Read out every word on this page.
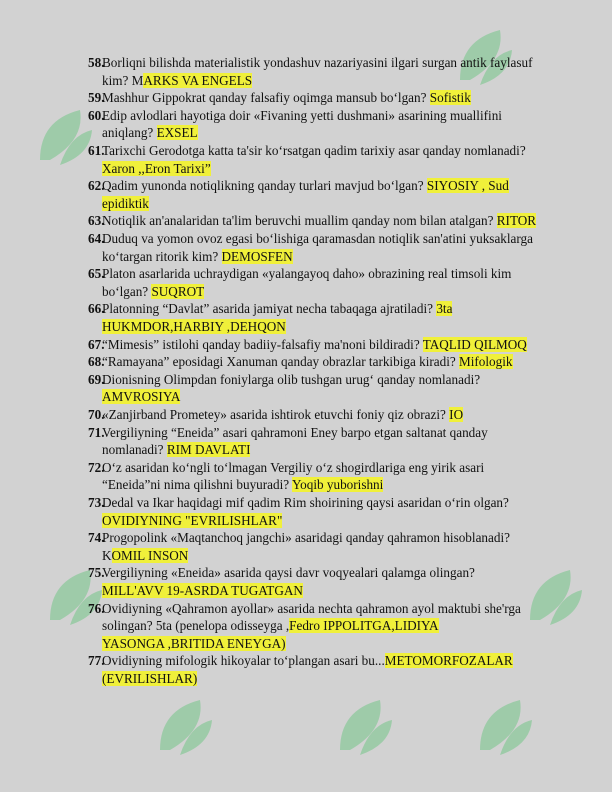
58.
Borliqni bilishda materialistik yondashuv nazariyasini ilgari surgan antik faylasuf
kim? MARKS VA ENGELS
59.
Mashhur Gippokrat qanday falsafiy oqimga mansub bo‘lgan? Sofistik
60.
Edip avlodlari hayotiga doir «Fivaning yetti dushmani» asarining muallifini
aniqlang? EXSEL
61.
Tarixchi Gerodotga katta ta'sir ko‘rsatgan qadim tarixiy asar qanday nomlanadi?
Xaron ,,Eron Tarixi”
62.
Qadim yunonda notiqlikning qanday turlari mavjud bo‘lgan? SIYOSIY , Sud
epidiktik
63.
Notiqlik an'analaridan ta'lim beruvchi muallim qanday nom bilan atalgan? RITOR
64.
Duduq va yomon ovoz egasi bo‘lishiga qaramasdan notiqlik san'atini yuksaklarga
ko‘targan ritorik kim? DEMOSFEN
65.
Platon asarlarida uchraydigan «yalangayoq daho» obrazining real timsoli kim
bo‘lgan? SUQROT
66.
Platonning “Davlat” asarida jamiyat necha tabaqaga ajratiladi? 3ta
HUKMDOR,HARBIY ,DEHQON
67.
“Mimesis” istilohi qanday badiiy-falsafiy ma'noni bildiradi? TAQLID QILMOQ
68.
“Ramayana” eposidagi Xanuman qanday obrazlar tarkibiga kiradi? Mifologik
69.
Dionisning Olimpdan foniylarga olib tushgan urug‘ qanday nomlanadi?
AMVROSIYA
70.
«Zanjirband Prometey» asarida ishtirok etuvchi foniy qiz obrazi? IO
71.
Vergiliyning “Eneida” asari qahramoni Eney barpo etgan saltanat qanday
nomlanadi? RIM DAVLATI
72.
O‘z asaridan ko‘ngli to‘lmagan Vergiliy o‘z shogirdlariga eng yirik asari
“Eneida”ni nima qilishni buyuradi? Yoqib yuborishni
73.
Dedal va Ikar haqidagi mif qadim Rim shoirining qaysi asaridan o‘rin olgan?
OVIDIYNING "EVRILISHLAR"
74.
Progopolink «Maqtanchoq jangchi» asaridagi qanday qahramon hisoblanadi?
KOMIL INSON
75.
Vergiliyning «Eneida» asarida qaysi davr voqyealari qalamga olingan?
MILL'AVV 19-ASRDA TUGATGAN
76.
Ovidiyning «Qahramon ayollar» asarida nechta qahramon ayol maktubi she'rga
solingan? 5ta (penelopa odisseyga ,Fedro IPPOLITGA,LIDIYA
YASONGA ,BRITIDA ENEYGA)
77.
Ovidiyning mifologik hikoyalar to‘plangan asari bu...METOMORFOZALAR
(EVRILISHLAR)
